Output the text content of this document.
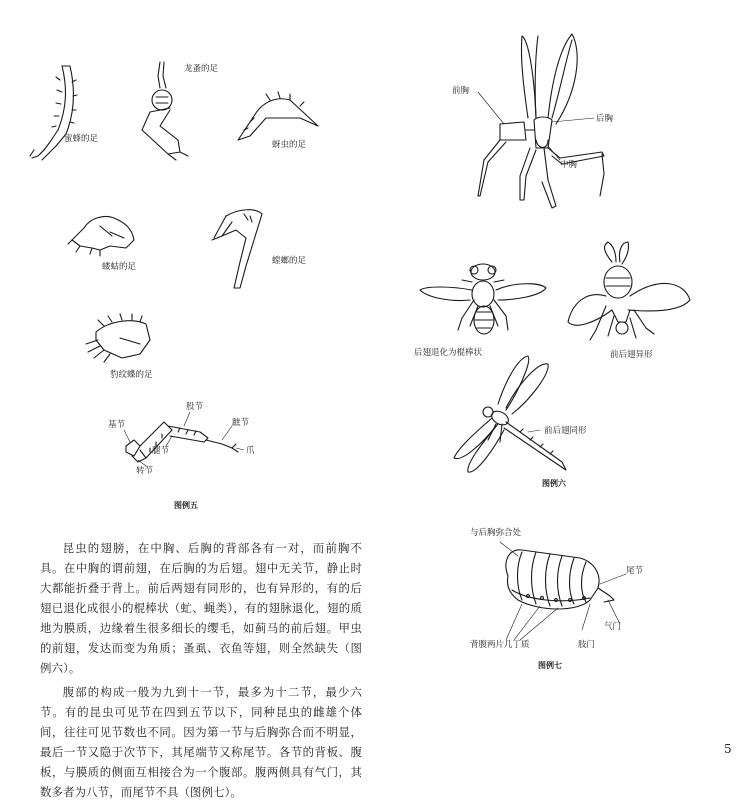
龙蚤的足
蜜蜂的足
蚜虫的足
蝼蛄的足
螳螂的足
豹纹蝶的足
基节
股节
蹠节
腿节
转节
爪
图例五
前胸
后胸
中胸
后翅退化为棍棒状	前后翅异形
前后翅同形
图例六
与后胸弥合处
尾节
气门
肢门
背腹两片几丁质
图例七

昆虫的翅膀，在中胸、后胸的背部各有一对，而前胸不具。在中胸的谓前翅，在后胸的为后翅。翅中无关节，静止时大都能折叠于背上。前后两翅有同形的，也有异形的，有的后翅已退化成很小的棍棒状（虻、蝇类），有的翅脉退化，翅的质地为膜质，边缘着生很多细长的缨毛，如蓟马的前后翅。甲虫的前翅，发达而变为角质；蚤虱、衣鱼等翅，则全然缺失（图例六）。

腹部的构成一般为九到十一节，最多为十二节，最少六节。有的昆虫可见节在四到五节以下，同种昆虫的雌雄个体间，往往可见节数也不同。因为第一节与后胸弥合而不明显，最后一节又隐于次节下，其尾端节又称尾节。各节的背板、腹板，与膜质的侧面互相接合为一个腹部。腹两侧具有气门，其数多者为八节，而尾节不具（图例七）。

5
